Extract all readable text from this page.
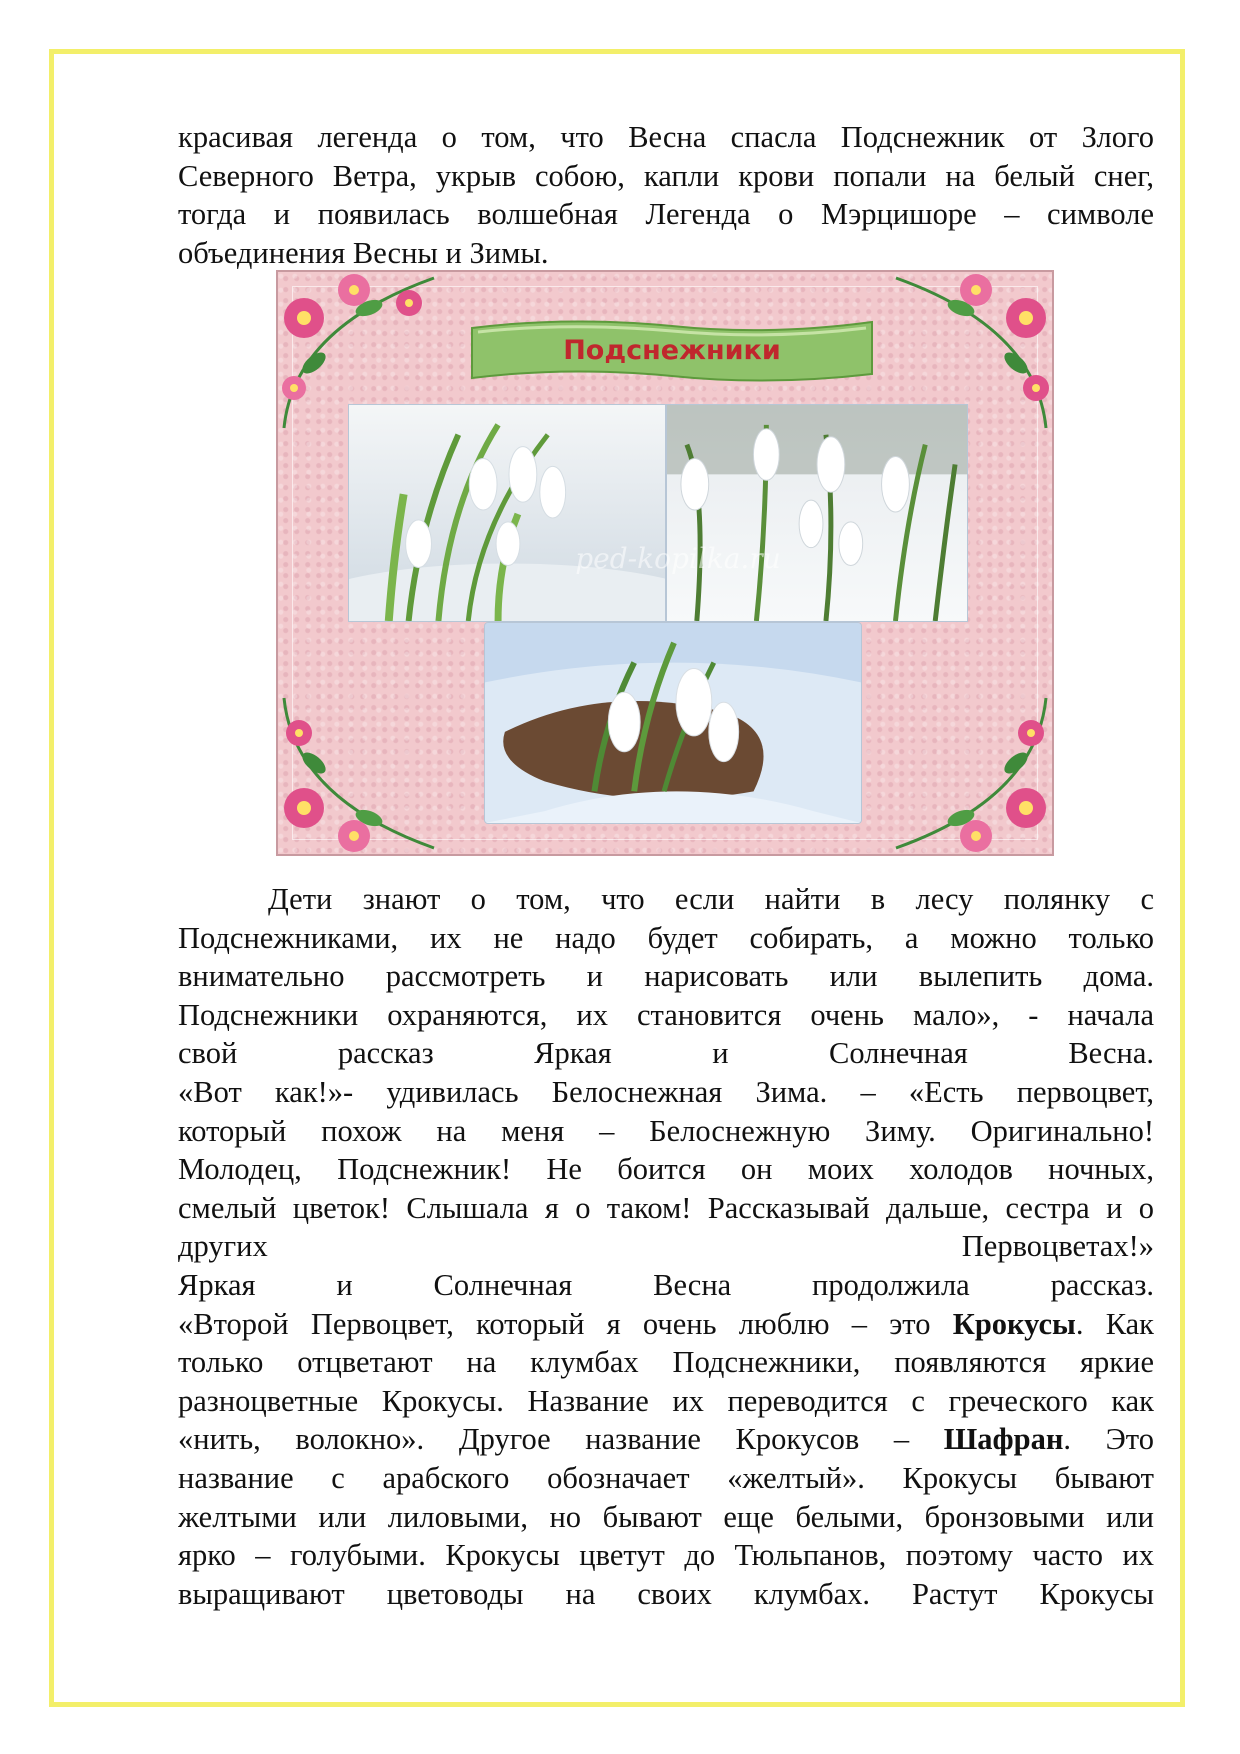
красивая легенда о том, что Весна спасла Подснежник от Злого
Северного Ветра, укрыв собою, капли крови попали на белый снег,
тогда и появилась волшебная Легенда о Мэрцишоре – символе
объединения Весны и Зимы.
Подснежники
ped-kopilka.ru
Дети знают о том, что если найти в лесу полянку с
Подснежниками, их не надо будет собирать, а можно только
внимательно рассмотреть и нарисовать или вылепить дома.
Подснежники охраняются, их становится очень мало», - начала
свой рассказ Яркая и Солнечная Весна.
«Вот как!»- удивилась Белоснежная Зима. – «Есть первоцвет,
который похож на меня – Белоснежную Зиму. Оригинально!
Молодец, Подснежник! Не боится он моих холодов ночных,
смелый цветок! Слышала я о таком! Рассказывай дальше, сестра и о
других Первоцветах!»
Яркая и Солнечная Весна продолжила рассказ.
«Второй Первоцвет, который я очень люблю – это Крокусы. Как
только отцветают на клумбах Подснежники, появляются яркие
разноцветные Крокусы. Название их переводится с греческого как
«нить, волокно». Другое название Крокусов – Шафран. Это
название с арабского обозначает «желтый». Крокусы бывают
желтыми или лиловыми, но бывают еще белыми, бронзовыми или
ярко – голубыми. Крокусы цветут до Тюльпанов, поэтому часто их
выращивают цветоводы на своих клумбах. Растут Крокусы
